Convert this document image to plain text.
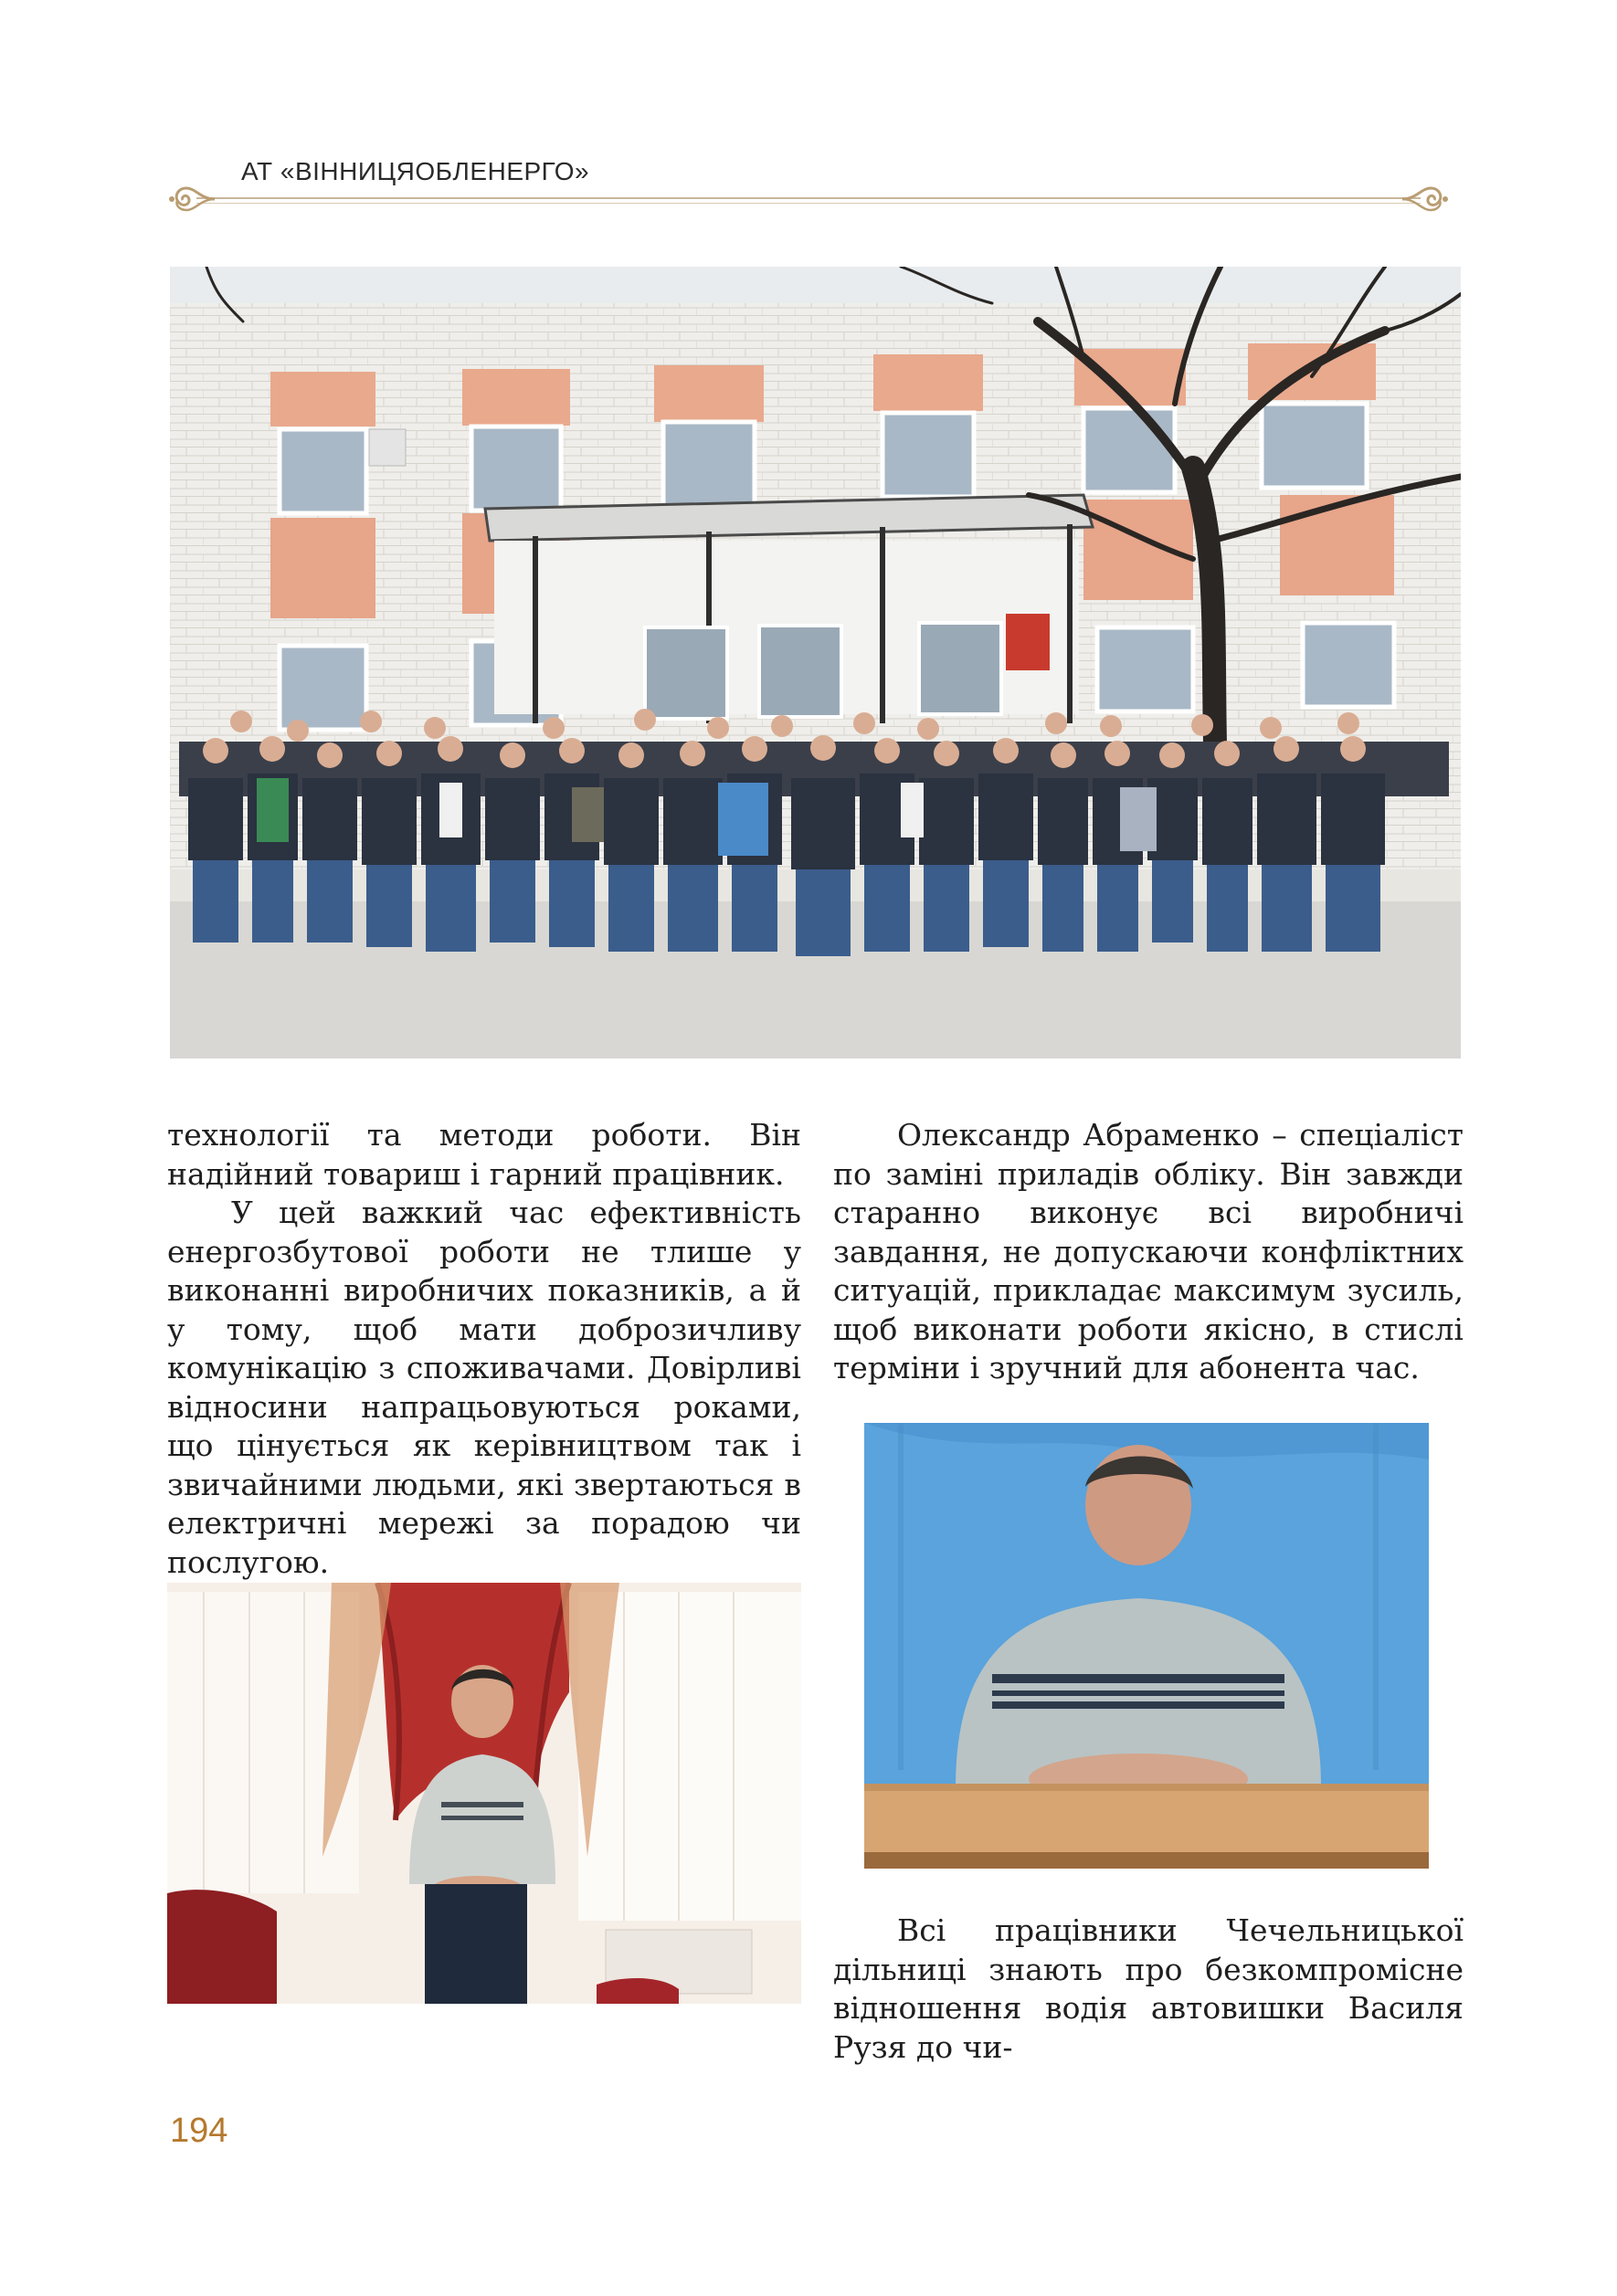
АТ «ВІННИЦЯОБЛЕНЕРГО»

технології та методи роботи. Він надійний товариш і гарний працівник.

У цей важкий час ефективність енергозбутової роботи не тлише у виконанні виробничих показників, а й у тому, щоб мати доброзичливу комунікацію з споживачами. Довірливі відносини напрацьовуються роками, що цінується як керівництвом так і звичайними людьми, які звертаються в електричні мережі за порадою чи послугою.

Олександр Абраменко – спеціаліст по заміні приладів обліку. Він завжди старанно виконує всі виробничі завдання, не допускаючи конфліктних ситуацій, прикладає максимум зусиль, щоб виконати роботи якісно, в стислі терміни і зручний для абонента час.

Всі працівники Чечельницької дільниці знають про безкомпромісне відношення водія автовишки Василя Рузя до чи-

194
